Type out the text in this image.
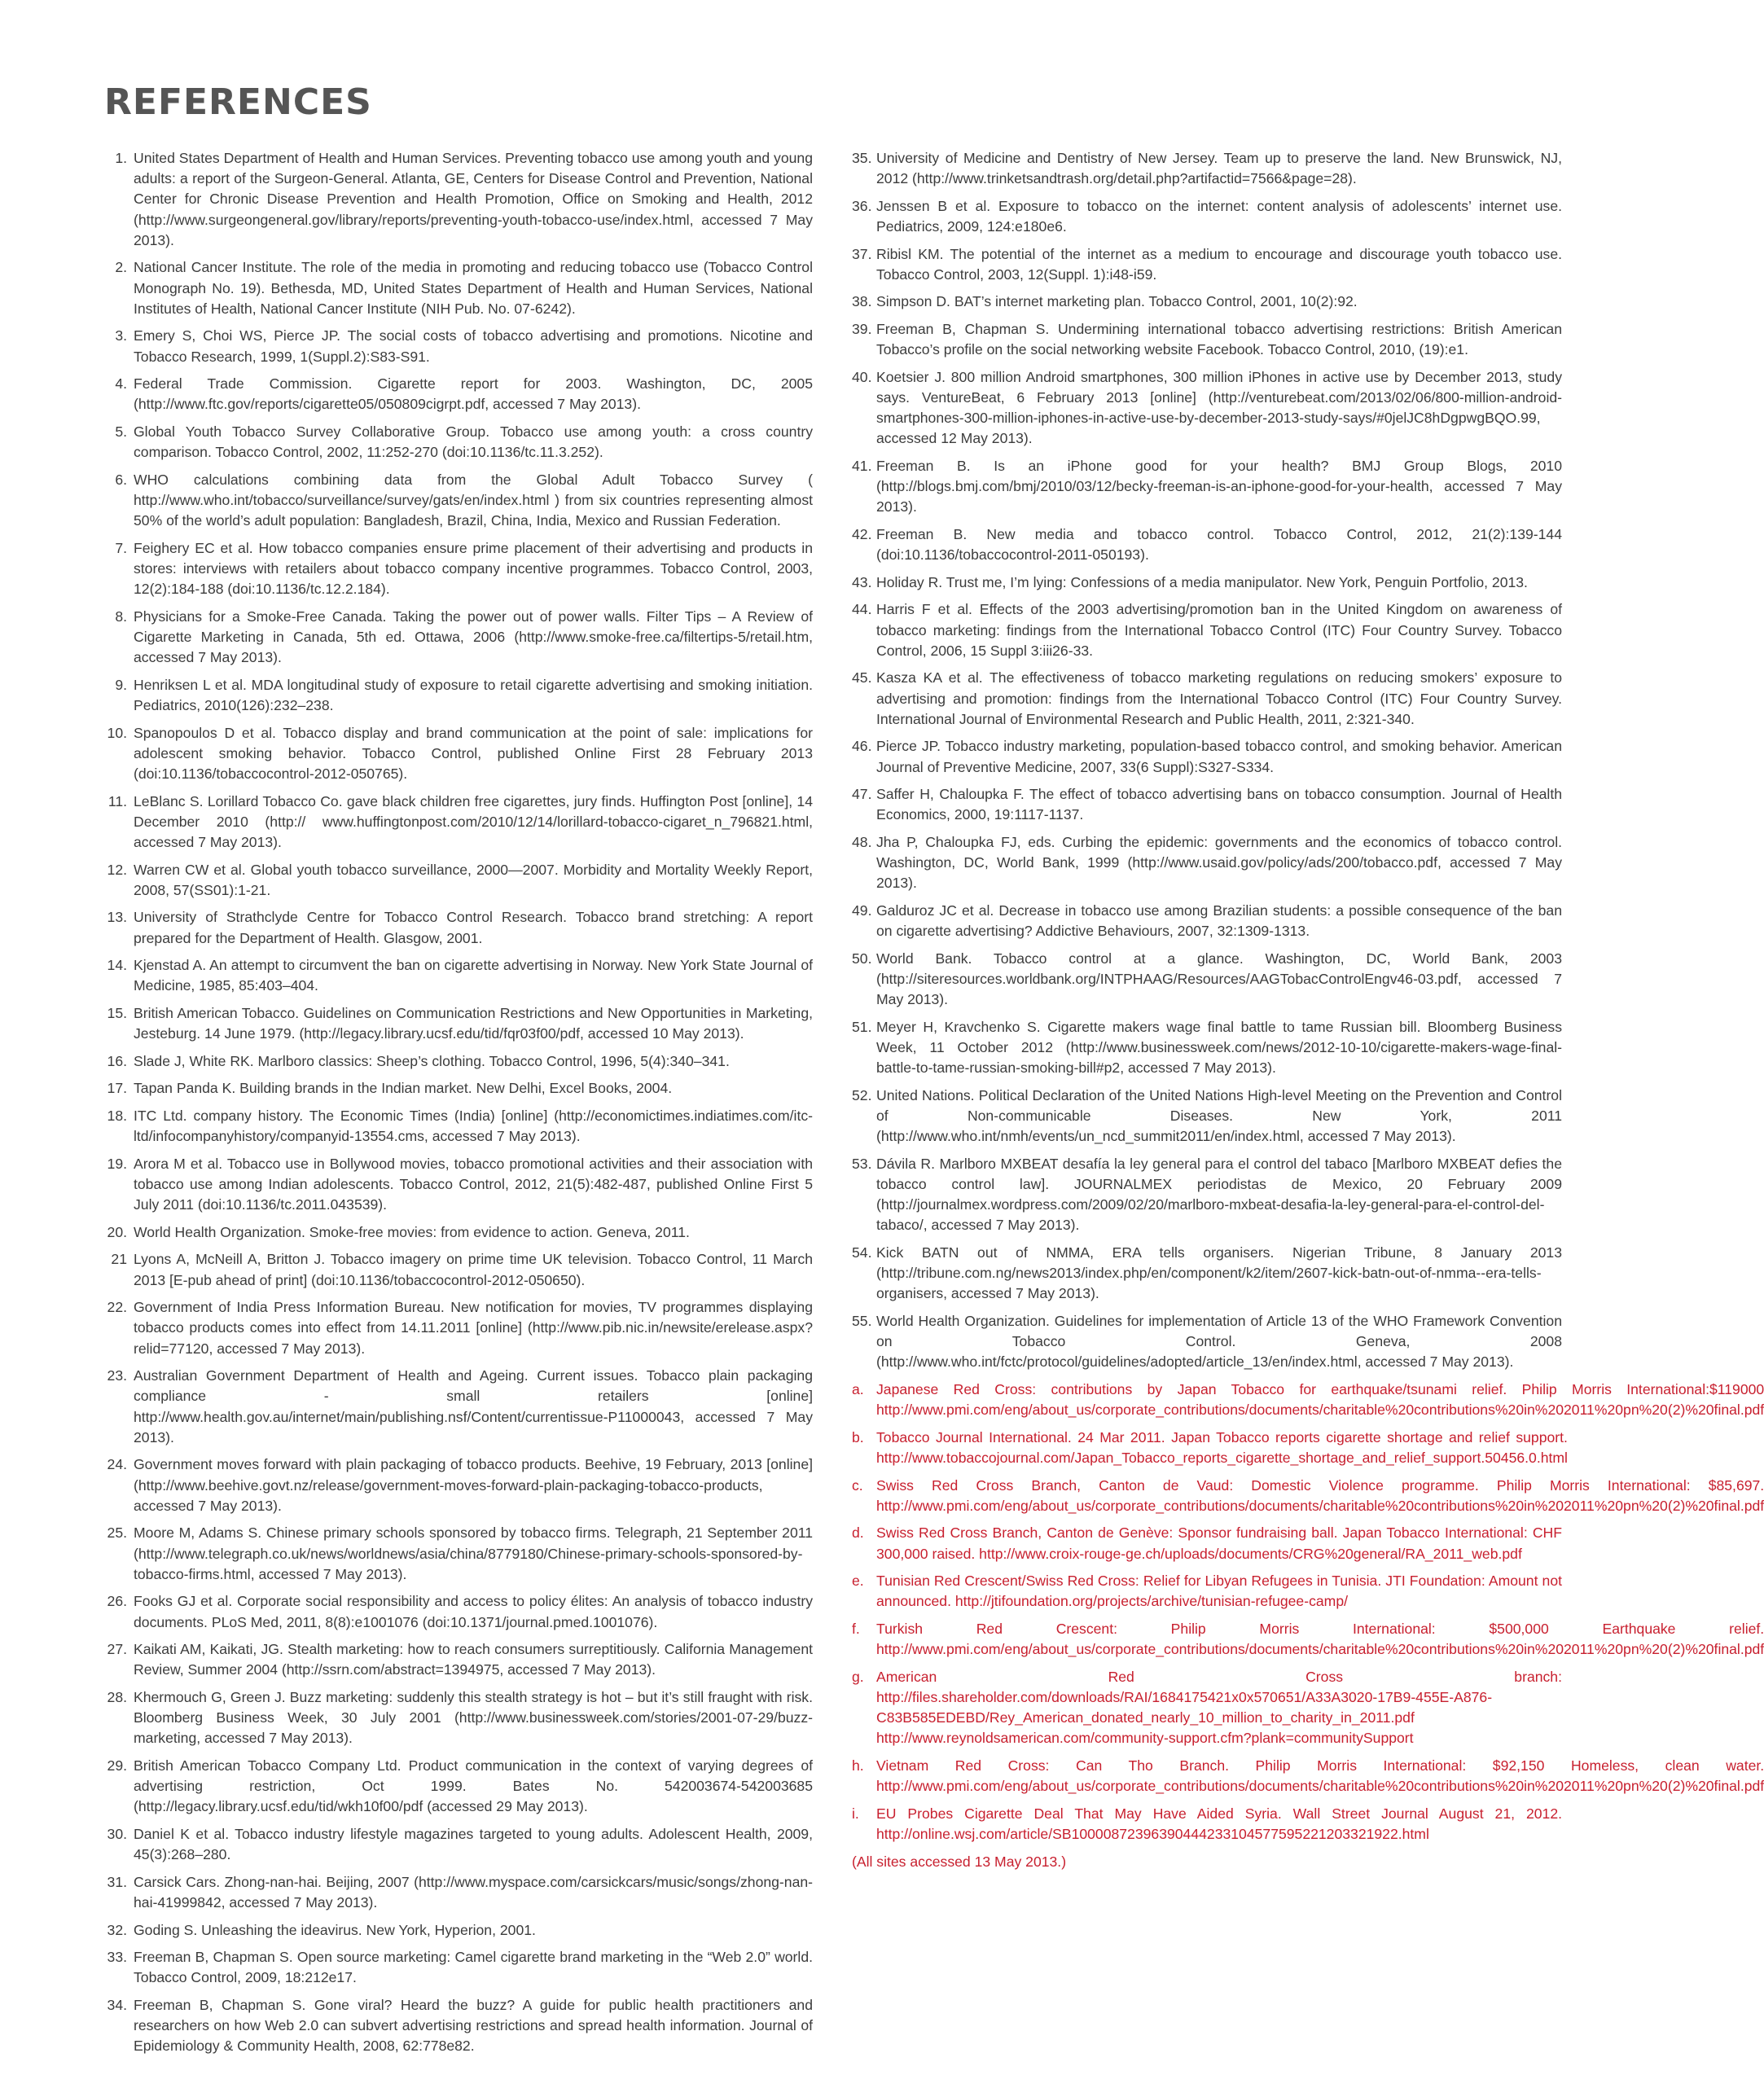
REFERENCES
1. United States Department of Health and Human Services. Preventing tobacco use among youth and young adults: a report of the Surgeon-General. Atlanta, GE, Centers for Disease Control and Prevention, National Center for Chronic Disease Prevention and Health Promotion, Office on Smoking and Health, 2012 (http://www.surgeongeneral.gov/library/reports/preventing-youth-tobacco-use/index.html, accessed 7 May 2013).
2. National Cancer Institute. The role of the media in promoting and reducing tobacco use (Tobacco Control Monograph No. 19). Bethesda, MD, United States Department of Health and Human Services, National Institutes of Health, National Cancer Institute (NIH Pub. No. 07-6242).
3. Emery S, Choi WS, Pierce JP. The social costs of tobacco advertising and promotions. Nicotine and Tobacco Research, 1999, 1(Suppl.2):S83-S91.
4. Federal Trade Commission. Cigarette report for 2003. Washington, DC, 2005 (http://www.ftc.gov/reports/cigarette05/050809cigrpt.pdf, accessed 7 May 2013).
5. Global Youth Tobacco Survey Collaborative Group. Tobacco use among youth: a cross country comparison. Tobacco Control, 2002, 11:252-270 (doi:10.1136/tc.11.3.252).
6. WHO calculations combining data from the Global Adult Tobacco Survey ( http://www.who.int/tobacco/surveillance/survey/gats/en/index.html ) from six countries representing almost 50% of the world’s adult population: Bangladesh, Brazil, China, India, Mexico and Russian Federation.
7. Feighery EC et al. How tobacco companies ensure prime placement of their advertising and products in stores: interviews with retailers about tobacco company incentive programmes. Tobacco Control, 2003, 12(2):184-188 (doi:10.1136/tc.12.2.184).
8. Physicians for a Smoke-Free Canada. Taking the power out of power walls. Filter Tips – A Review of Cigarette Marketing in Canada, 5th ed. Ottawa, 2006 (http://www.smoke-free.ca/filtertips-5/retail.htm, accessed 7 May 2013).
9. Henriksen L et al. MDA longitudinal study of exposure to retail cigarette advertising and smoking initiation. Pediatrics, 2010(126):232–238.
10. Spanopoulos D et al. Tobacco display and brand communication at the point of sale: implications for adolescent smoking behavior. Tobacco Control, published Online First 28 February 2013 (doi:10.1136/tobaccocontrol-2012-050765).
11. LeBlanc S. Lorillard Tobacco Co. gave black children free cigarettes, jury finds. Huffington Post [online], 14 December 2010 (http:// www.huffingtonpost.com/2010/12/14/lorillard-tobacco-cigaret_n_796821.html, accessed 7 May 2013).
12. Warren CW et al. Global youth tobacco surveillance, 2000—2007. Morbidity and Mortality Weekly Report, 2008, 57(SS01):1-21.
13. University of Strathclyde Centre for Tobacco Control Research. Tobacco brand stretching: A report prepared for the Department of Health. Glasgow, 2001.
14. Kjenstad A. An attempt to circumvent the ban on cigarette advertising in Norway. New York State Journal of Medicine, 1985, 85:403–404.
15. British American Tobacco. Guidelines on Communication Restrictions and New Opportunities in Marketing, Jesteburg. 14 June 1979. (http://legacy.library.ucsf.edu/tid/fqr03f00/pdf, accessed 10 May 2013).
16. Slade J, White RK. Marlboro classics: Sheep’s clothing. Tobacco Control, 1996, 5(4):340–341.
17. Tapan Panda K. Building brands in the Indian market. New Delhi, Excel Books, 2004.
18. ITC Ltd. company history. The Economic Times (India) [online] (http://economictimes.indiatimes.com/itc-ltd/infocompanyhistory/companyid-13554.cms, accessed 7 May 2013).
19. Arora M et al. Tobacco use in Bollywood movies, tobacco promotional activities and their association with tobacco use among Indian adolescents. Tobacco Control, 2012, 21(5):482-487, published Online First 5 July 2011 (doi:10.1136/tc.2011.043539).
20. World Health Organization. Smoke-free movies: from evidence to action. Geneva, 2011.
21 Lyons A, McNeill A, Britton J. Tobacco imagery on prime time UK television. Tobacco Control, 11 March 2013 [E-pub ahead of print] (doi:10.1136/tobaccocontrol-2012-050650).
22. Government of India Press Information Bureau. New notification for movies, TV programmes displaying tobacco products comes into effect from 14.11.2011 [online] (http://www.pib.nic.in/newsite/erelease.aspx?relid=77120, accessed 7 May 2013).
23. Australian Government Department of Health and Ageing. Current issues. Tobacco plain packaging compliance - small retailers [online] http://www.health.gov.au/internet/main/publishing.nsf/Content/currentissue-P11000043, accessed 7 May 2013).
24. Government moves forward with plain packaging of tobacco products. Beehive, 19 February, 2013 [online] (http://www.beehive.govt.nz/release/government-moves-forward-plain-packaging-tobacco-products, accessed 7 May 2013).
25. Moore M, Adams S. Chinese primary schools sponsored by tobacco firms. Telegraph, 21 September 2011 (http://www.telegraph.co.uk/news/worldnews/asia/china/8779180/Chinese-primary-schools-sponsored-by-tobacco-firms.html, accessed 7 May 2013).
26. Fooks GJ et al. Corporate social responsibility and access to policy élites: An analysis of tobacco industry documents. PLoS Med, 2011, 8(8):e1001076 (doi:10.1371/journal.pmed.1001076).
27. Kaikati AM, Kaikati, JG. Stealth marketing: how to reach consumers surreptitiously. California Management Review, Summer 2004 (http://ssrn.com/abstract=1394975, accessed 7 May 2013).
28. Khermouch G, Green J. Buzz marketing: suddenly this stealth strategy is hot – but it’s still fraught with risk. Bloomberg Business Week, 30 July 2001 (http://www.businessweek.com/stories/2001-07-29/buzz-marketing, accessed 7 May 2013).
29. British American Tobacco Company Ltd. Product communication in the context of varying degrees of advertising restriction, Oct 1999. Bates No. 542003674-542003685 (http://legacy.library.ucsf.edu/tid/wkh10f00/pdf (accessed 29 May 2013).
30. Daniel K et al. Tobacco industry lifestyle magazines targeted to young adults. Adolescent Health, 2009, 45(3):268–280.
31. Carsick Cars. Zhong-nan-hai. Beijing, 2007 (http://www.myspace.com/carsickcars/music/songs/zhong-nan-hai-41999842, accessed 7 May 2013).
32. Goding S. Unleashing the ideavirus. New York, Hyperion, 2001.
33. Freeman B, Chapman S. Open source marketing: Camel cigarette brand marketing in the “Web 2.0” world. Tobacco Control, 2009, 18:212e17.
34. Freeman B, Chapman S. Gone viral? Heard the buzz? A guide for public health practitioners and researchers on how Web 2.0 can subvert advertising restrictions and spread health information. Journal of Epidemiology & Community Health, 2008, 62:778e82.
35. University of Medicine and Dentistry of New Jersey. Team up to preserve the land. New Brunswick, NJ, 2012 (http://www.trinketsandtrash.org/detail.php?artifactid=7566&page=28).
36. Jenssen B et al. Exposure to tobacco on the internet: content analysis of adolescents’ internet use. Pediatrics, 2009, 124:e180e6.
37. Ribisl KM. The potential of the internet as a medium to encourage and discourage youth tobacco use. Tobacco Control, 2003, 12(Suppl. 1):i48-i59.
38. Simpson D. BAT’s internet marketing plan. Tobacco Control, 2001, 10(2):92.
39. Freeman B, Chapman S. Undermining international tobacco advertising restrictions: British American Tobacco’s profile on the social networking website Facebook. Tobacco Control, 2010, (19):e1.
40. Koetsier J. 800 million Android smartphones, 300 million iPhones in active use by December 2013, study says. VentureBeat, 6 February 2013 [online] (http://venturebeat.com/2013/02/06/800-million-android-smartphones-300-million-iphones-in-active-use-by-december-2013-study-says/#0jelJC8hDgpwgBQO.99, accessed 12 May 2013).
41. Freeman B. Is an iPhone good for your health? BMJ Group Blogs, 2010 (http://blogs.bmj.com/bmj/2010/03/12/becky-freeman-is-an-iphone-good-for-your-health, accessed 7 May 2013).
42. Freeman B. New media and tobacco control. Tobacco Control, 2012, 21(2):139-144 (doi:10.1136/tobaccocontrol-2011-050193).
43. Holiday R. Trust me, I’m lying: Confessions of a media manipulator. New York, Penguin Portfolio, 2013.
44. Harris F et al. Effects of the 2003 advertising/promotion ban in the United Kingdom on awareness of tobacco marketing: findings from the International Tobacco Control (ITC) Four Country Survey. Tobacco Control, 2006, 15 Suppl 3:iii26-33.
45. Kasza KA et al. The effectiveness of tobacco marketing regulations on reducing smokers’ exposure to advertising and promotion: findings from the International Tobacco Control (ITC) Four Country Survey. International Journal of Environmental Research and Public Health, 2011, 2:321-340.
46. Pierce JP. Tobacco industry marketing, population-based tobacco control, and smoking behavior. American Journal of Preventive Medicine, 2007, 33(6 Suppl):S327-S334.
47. Saffer H, Chaloupka F. The effect of tobacco advertising bans on tobacco consumption. Journal of Health Economics, 2000, 19:1117-1137.
48. Jha P, Chaloupka FJ, eds. Curbing the epidemic: governments and the economics of tobacco control. Washington, DC, World Bank, 1999 (http://www.usaid.gov/policy/ads/200/tobacco.pdf, accessed 7 May 2013).
49. Galduroz JC et al. Decrease in tobacco use among Brazilian students: a possible consequence of the ban on cigarette advertising? Addictive Behaviours, 2007, 32:1309-1313.
50. World Bank. Tobacco control at a glance. Washington, DC, World Bank, 2003 (http://siteresources.worldbank.org/INTPHAAG/Resources/AAGTobacControlEngv46-03.pdf, accessed 7 May 2013).
51. Meyer H, Kravchenko S. Cigarette makers wage final battle to tame Russian bill. Bloomberg Business Week, 11 October 2012 (http://www.businessweek.com/news/2012-10-10/cigarette-makers-wage-final-battle-to-tame-russian-smoking-bill#p2, accessed 7 May 2013).
52. United Nations. Political Declaration of the United Nations High-level Meeting on the Prevention and Control of Non-communicable Diseases. New York, 2011 (http://www.who.int/nmh/events/un_ncd_summit2011/en/index.html, accessed 7 May 2013).
53. Dávila R. Marlboro MXBEAT desafía la ley general para el control del tabaco [Marlboro MXBEAT defies the tobacco control law]. JOURNALMEX periodistas de Mexico, 20 February 2009 (http://journalmex.wordpress.com/2009/02/20/marlboro-mxbeat-desafia-la-ley-general-para-el-control-del-tabaco/, accessed 7 May 2013).
54. Kick BATN out of NMMA, ERA tells organisers. Nigerian Tribune, 8 January 2013 (http://tribune.com.ng/news2013/index.php/en/component/k2/item/2607-kick-batn-out-of-nmma--era-tells-organisers, accessed 7 May 2013).
55. World Health Organization. Guidelines for implementation of Article 13 of the WHO Framework Convention on Tobacco Control. Geneva, 2008 (http://www.who.int/fctc/protocol/guidelines/adopted/article_13/en/index.html, accessed 7 May 2013).
a. Japanese Red Cross: contributions by Japan Tobacco for earthquake/tsunami relief. Philip Morris International:$119000 http://www.pmi.com/eng/about_us/corporate_contributions/documents/charitable%20contributions%20in%202011%20pn%20(2)%20final.pdf
b. Tobacco Journal International. 24 Mar 2011. Japan Tobacco reports cigarette shortage and relief support. http://www.tobaccojournal.com/Japan_Tobacco_reports_cigarette_shortage_and_relief_support.50456.0.html
c. Swiss Red Cross Branch, Canton de Vaud: Domestic Violence programme. Philip Morris International: $85,697. http://www.pmi.com/eng/about_us/corporate_contributions/documents/charitable%20contributions%20in%202011%20pn%20(2)%20final.pdf
d. Swiss Red Cross Branch, Canton de Genève: Sponsor fundraising ball. Japan Tobacco International: CHF 300,000 raised. http://www.croix-rouge-ge.ch/uploads/documents/CRG%20general/RA_2011_web.pdf
e. Tunisian Red Crescent/Swiss Red Cross: Relief for Libyan Refugees in Tunisia. JTI Foundation: Amount not announced. http://jtifoundation.org/projects/archive/tunisian-refugee-camp/
f.	Turkish Red Crescent: Philip Morris International: $500,000 Earthquake relief. http://www.pmi.com/eng/about_us/corporate_contributions/documents/charitable%20contributions%20in%202011%20pn%20(2)%20final.pdf
g. American Red Cross branch: http://files.shareholder.com/downloads/RAI/1684175421x0x570651/A33A3020-17B9-455E-A876-C83B585EDEBD/Rey_American_donated_nearly_10_million_to_charity_in_2011.pdf http://www.reynoldsamerican.com/community-support.cfm?plank=communitySupport
h. Vietnam Red Cross: Can Tho Branch. Philip Morris International: $92,150 Homeless, clean water. http://www.pmi.com/eng/about_us/corporate_contributions/documents/charitable%20contributions%20in%202011%20pn%20(2)%20final.pdf
i.	EU Probes Cigarette Deal That May Have Aided Syria. Wall Street Journal August 21, 2012. http://online.wsj.com/article/SB10000872396390444233104577595221203321922.html
(All sites accessed 13 May 2013.)
